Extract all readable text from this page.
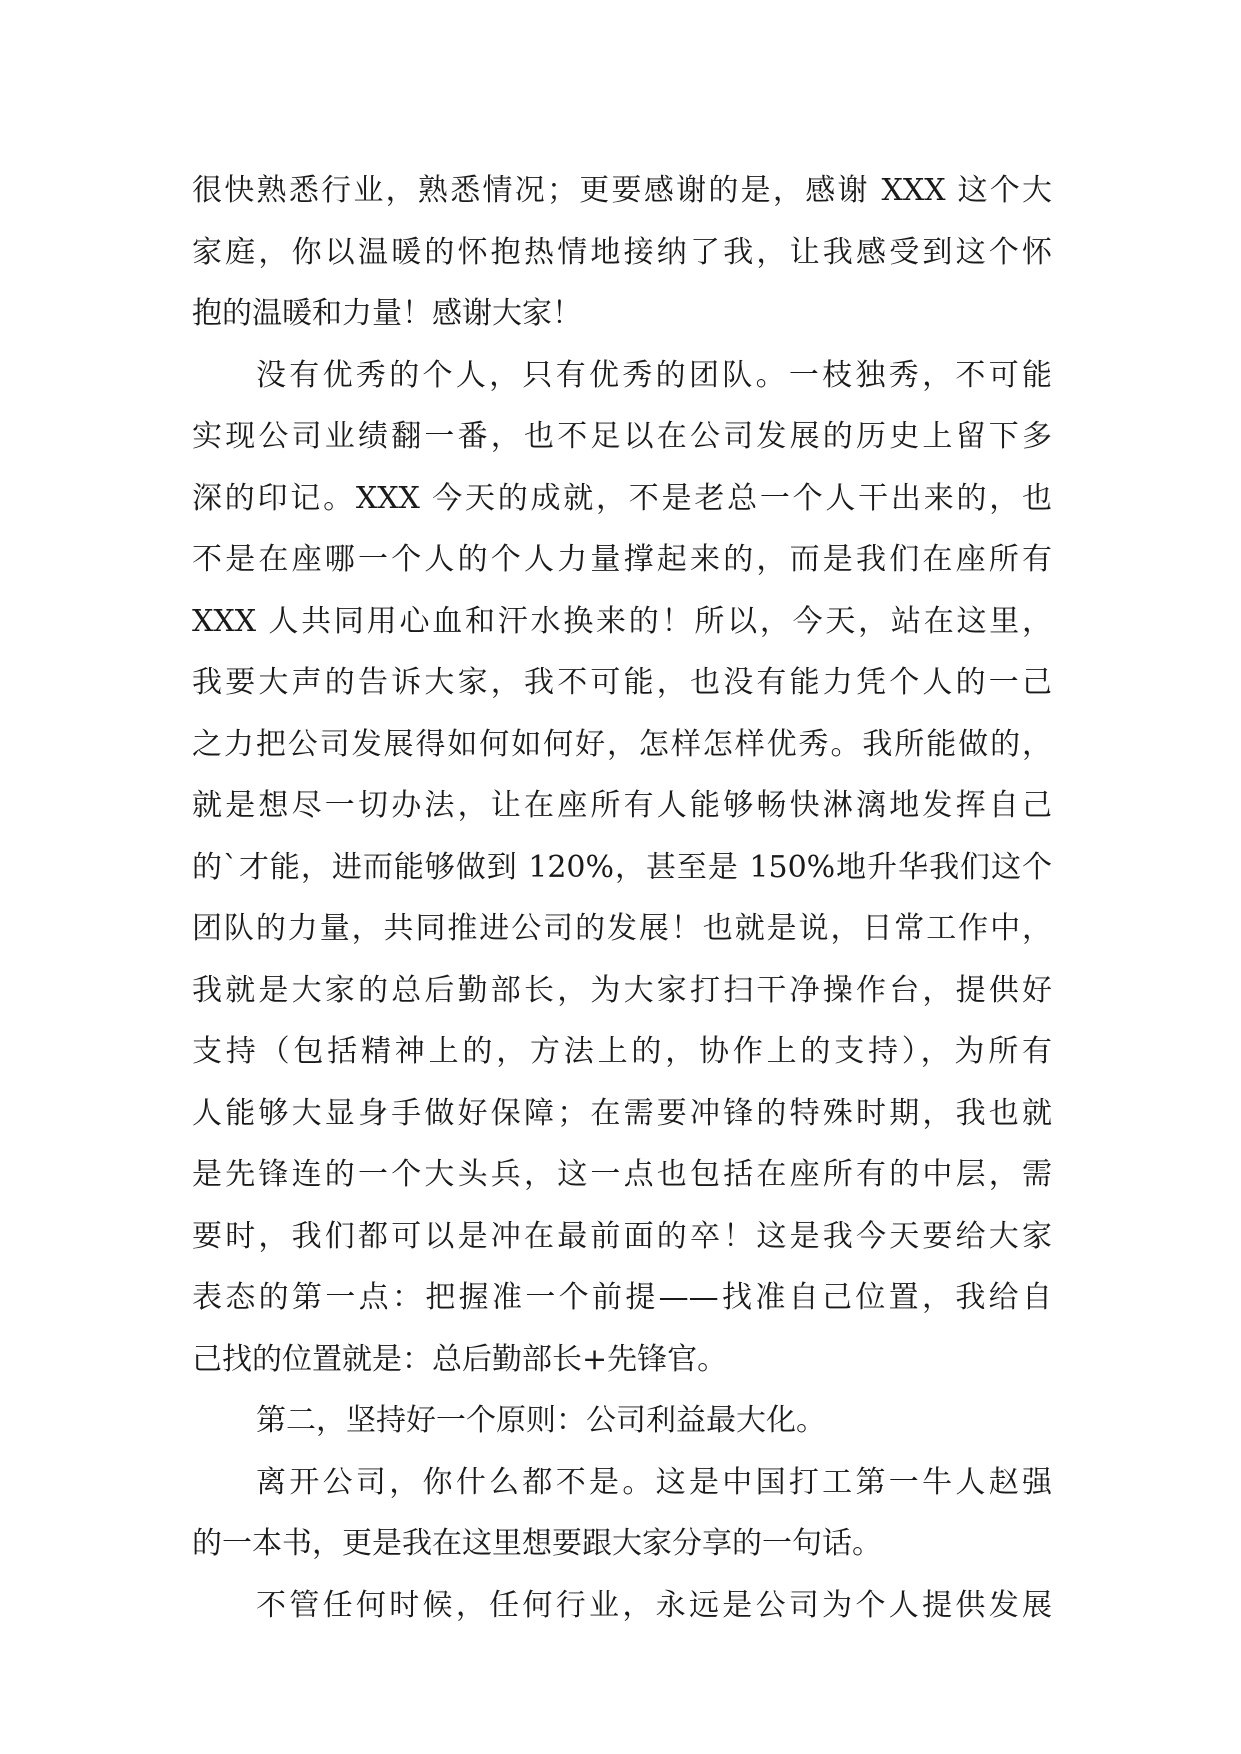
很快熟悉行业，熟悉情况；更要感谢的是，感谢 XXX 这个大
家庭，你以温暖的怀抱热情地接纳了我，让我感受到这个怀
抱的温暖和力量！感谢大家！
没有优秀的个人，只有优秀的团队。一枝独秀，不可能
实现公司业绩翻一番，也不足以在公司发展的历史上留下多
深的印记。XXX 今天的成就，不是老总一个人干出来的，也
不是在座哪一个人的个人力量撑起来的，而是我们在座所有
XXX 人共同用心血和汗水换来的！所以，今天，站在这里，
我要大声的告诉大家，我不可能，也没有能力凭个人的一己
之力把公司发展得如何如何好，怎样怎样优秀。我所能做的，
就是想尽一切办法，让在座所有人能够畅快淋漓地发挥自己
的`才能，进而能够做到 120%，甚至是 150%地升华我们这个
团队的力量，共同推进公司的发展！也就是说，日常工作中，
我就是大家的总后勤部长，为大家打扫干净操作台，提供好
支持（包括精神上的，方法上的，协作上的支持），为所有
人能够大显身手做好保障；在需要冲锋的特殊时期，我也就
是先锋连的一个大头兵，这一点也包括在座所有的中层，需
要时，我们都可以是冲在最前面的卒！这是我今天要给大家
表态的第一点：把握准一个前提——找准自己位置，我给自
己找的位置就是：总后勤部长+先锋官。
第二，坚持好一个原则：公司利益最大化。
离开公司，你什么都不是。这是中国打工第一牛人赵强
的一本书，更是我在这里想要跟大家分享的一句话。
不管任何时候，任何行业，永远是公司为个人提供发展
